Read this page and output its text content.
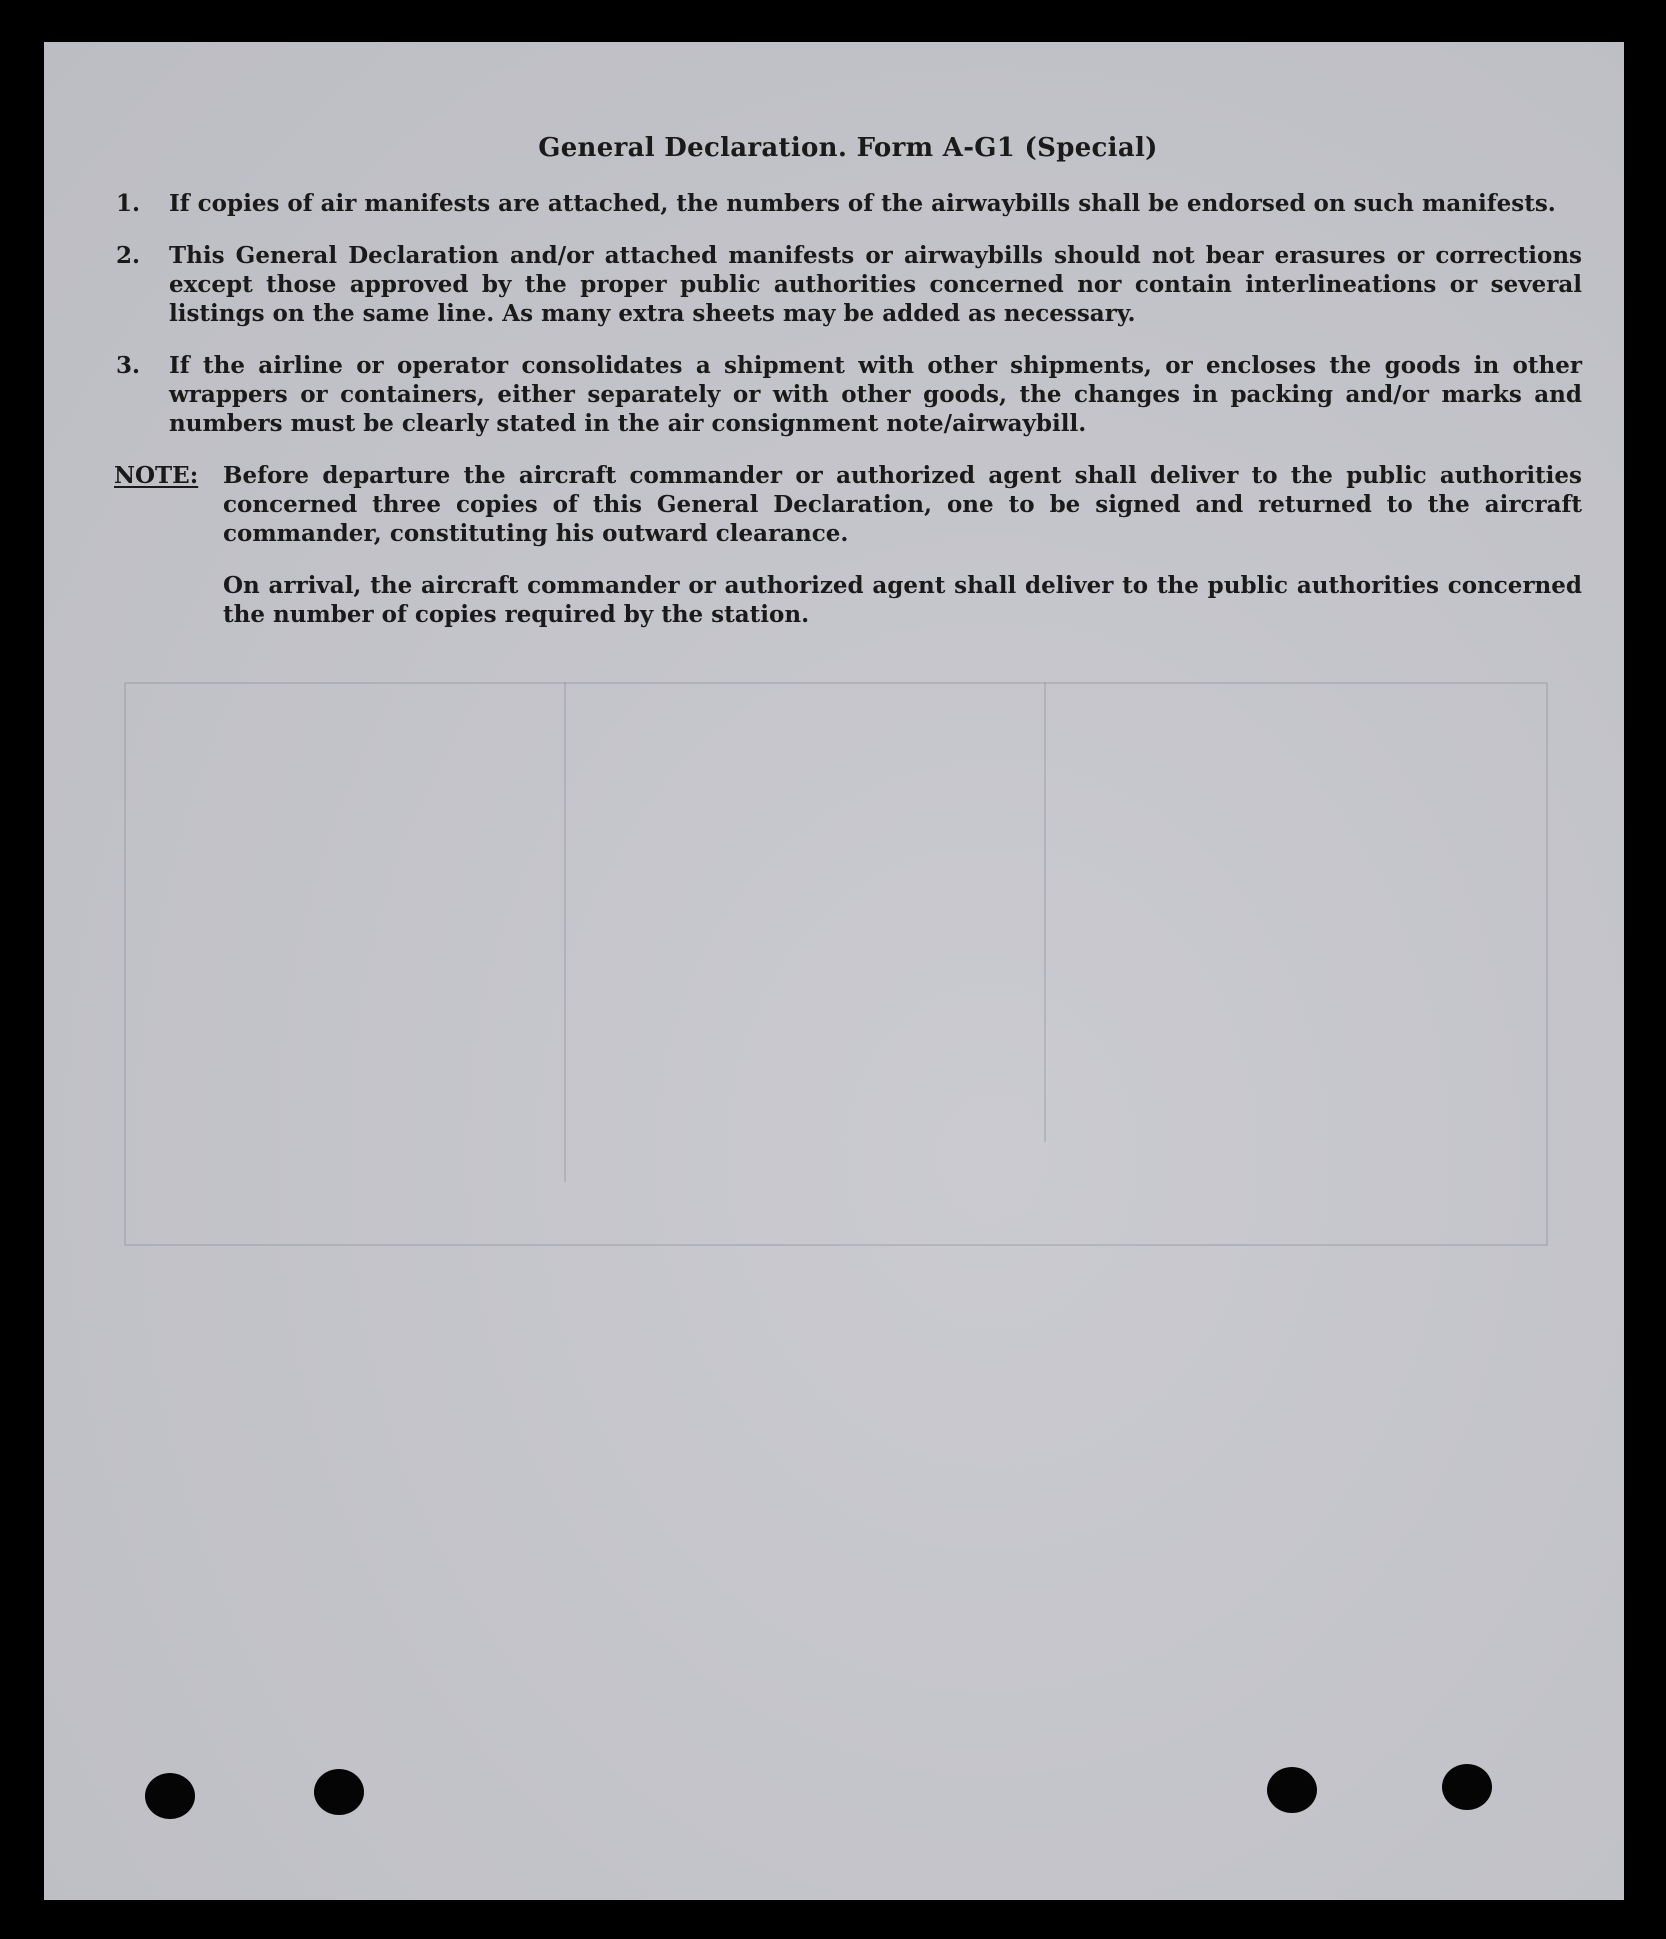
General Declaration. Form A-G1 (Special)
1.	If copies of air manifests are attached, the numbers of the airwaybills shall be endorsed on such manifests.
2.	This General Declaration and/or attached manifests or airwaybills should not bear erasures or corrections except those approved by the proper public authorities concerned nor contain interlineations or several listings on the same line. As many extra sheets may be added as necessary.
3.	If the airline or operator consolidates a shipment with other shipments, or encloses the goods in other wrappers or containers, either separately or with other goods, the changes in packing and/or marks and numbers must be clearly stated in the air consignment note/airwaybill.
NOTE:	Before departure the aircraft commander or authorized agent shall deliver to the public authorities concerned three copies of this General Declaration, one to be signed and returned to the aircraft commander, constituting his outward clearance.
On arrival, the aircraft commander or authorized agent shall deliver to the public authorities concerned the number of copies required by the station.
